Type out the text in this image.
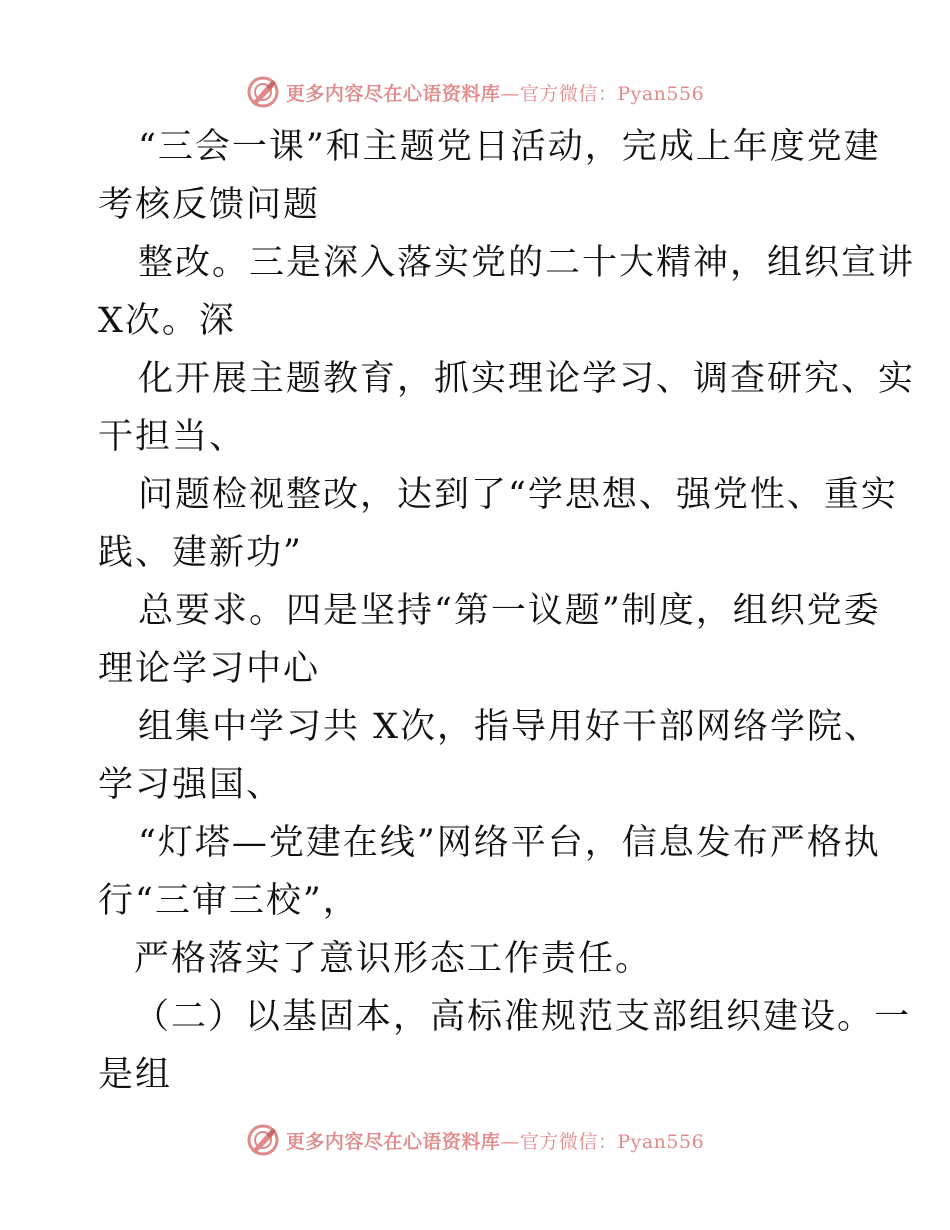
更多内容尽在心语资料库—官方微信：Pyan556
“三会一课”和主题党日活动，完成上年度党建
考核反馈问题
整改。三是深入落实党的二十大精神，组织宣讲
X次。深
化开展主题教育，抓实理论学习、调查研究、实
干担当、
问题检视整改，达到了“学思想、强党性、重实
践、建新功”
总要求。四是坚持“第一议题”制度，组织党委
理论学习中心
组集中学习共 X次，指导用好干部网络学院、
学习强国、
“灯塔—党建在线”网络平台，信息发布严格执
行“三审三校”，
严格落实了意识形态工作责任。
（二）以基固本，高标准规范支部组织建设。一
是组
更多内容尽在心语资料库—官方微信：Pyan556
